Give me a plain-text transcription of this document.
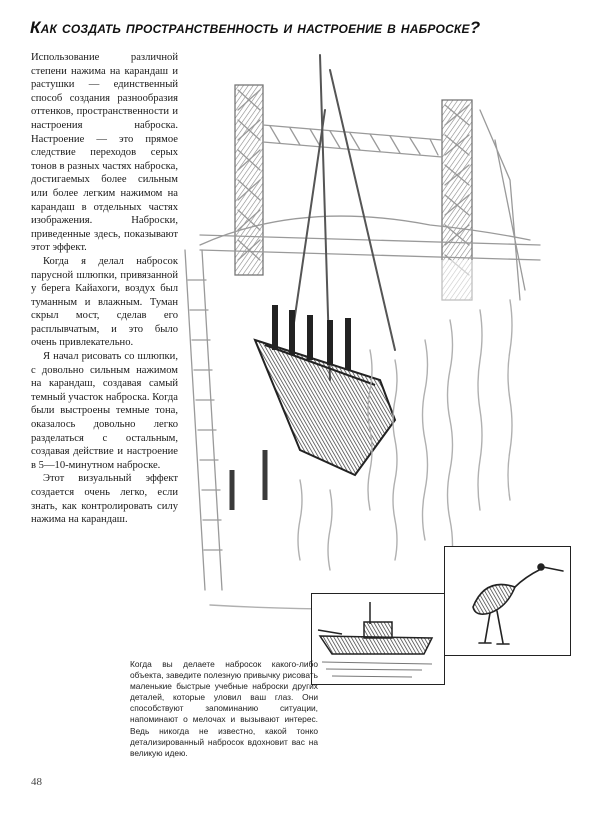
Как создать пространственность и настроение в наброске?

Использование различной степени нажима на карандаш и растушки — единственный способ создания разнообразия оттенков, пространственности и настроения наброска. Настроение — это прямое следствие переходов серых тонов в разных частях наброска, достигаемых более сильным или более легким нажимом на карандаш в отдельных частях изображения. Наброски, приведенные здесь, показывают этот эффект.

Когда я делал набросок парусной шлюпки, привязанной у берега Кайахоги, воздух был туманным и влажным. Туман скрыл мост, сделав его расплывчатым, и это было очень привлекательно.

Я начал рисовать со шлюпки, с довольно сильным нажимом на карандаш, создавая самый темный участок наброска. Когда были выстроены темные тона, оказалось довольно легко разделаться с остальным, создавая действие и настроение в 5—10-минутном наброске.

Этот визуальный эффект создается очень легко, если знать, как контролировать силу нажима на карандаш.

Когда вы делаете набросок какого-либо объекта, заведите полезную привычку рисовать маленькие быстрые учебные наброски других деталей, которые уловил ваш глаз. Они способствуют запоминанию ситуации, напоминают о мелочах и вызывают интерес. Ведь никогда не известно, какой тонко детализированный набросок вдохновит вас на великую идею.
48
